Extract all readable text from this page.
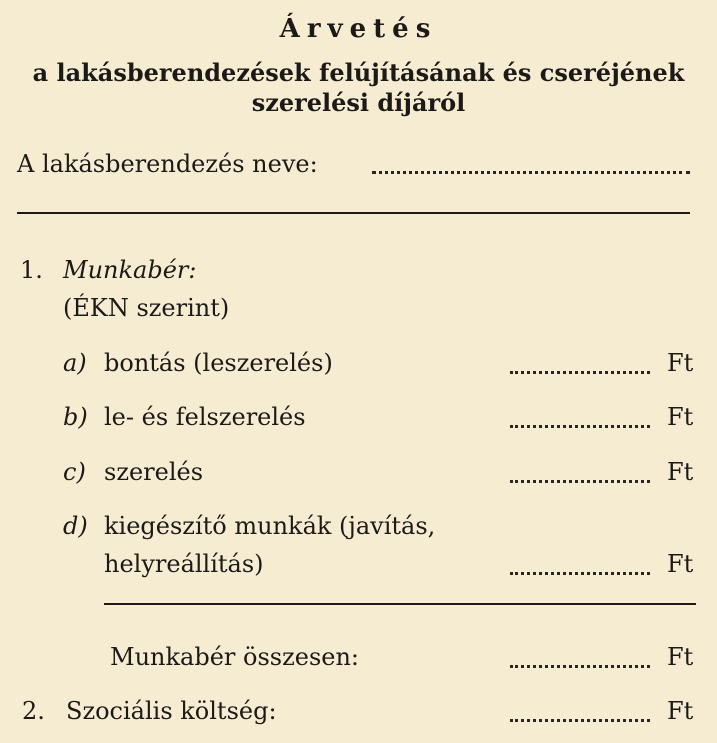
Árvetés
a lakásberendezések felújításának és cseréjének
szerelési díjáról
A lakásberendezés neve:
1. Munkabér:
(ÉKN szerint)
a) bontás (leszerelés)	Ft
b) le- és felszerelés	Ft
c) szerelés	Ft
d) kiegészítő munkák (javítás,
helyreállítás)	Ft
Munkabér összesen:	Ft
2. Szociális költség:	Ft
